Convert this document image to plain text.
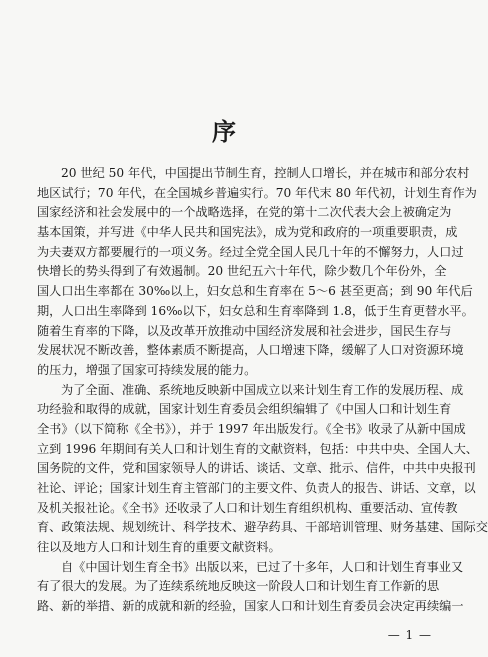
序
20 世纪 50 年代，中国提出节制生育，控制人口增长，并在城市和部分农村
地区试行；70 年代，在全国城乡普遍实行。70 年代末 80 年代初，计划生育作为
国家经济和社会发展中的一个战略选择，在党的第十二次代表大会上被确定为
基本国策，并写进《中华人民共和国宪法》，成为党和政府的一项重要职责，成
为夫妻双方都要履行的一项义务。经过全党全国人民几十年的不懈努力，人口过
快增长的势头得到了有效遏制。20 世纪五六十年代，除少数几个年份外，全
国人口出生率都在 30‰以上，妇女总和生育率在 5～6 甚至更高；到 90 年代后
期，人口出生率降到 16‰以下，妇女总和生育率降到 1.8，低于生育更替水平。
随着生育率的下降，以及改革开放推动中国经济发展和社会进步，国民生存与
发展状况不断改善，整体素质不断提高，人口增速下降，缓解了人口对资源环境
的压力，增强了国家可持续发展的能力。
为了全面、准确、系统地反映新中国成立以来计划生育工作的发展历程、成
功经验和取得的成就，国家计划生育委员会组织编辑了《中国人口和计划生育
全书》（以下简称《全书》），并于 1997 年出版发行。《全书》收录了从新中国成
立到 1996 年期间有关人口和计划生育的文献资料，包括：中共中央、全国人大、
国务院的文件，党和国家领导人的讲话、谈话、文章、批示、信件，中共中央报刊
社论、评论；国家计划生育主管部门的主要文件、负责人的报告、讲话、文章，以
及机关报社论。《全书》还收录了人口和计划生育组织机构、重要活动、宣传教
育、政策法规、规划统计、科学技术、避孕药具、干部培训管理、财务基建、国际交
往以及地方人口和计划生育的重要文献资料。
自《中国计划生育全书》出版以来，已过了十多年，人口和计划生育事业又
有了很大的发展。为了连续系统地反映这一阶段人口和计划生育工作新的思
路、新的举措、新的成就和新的经验，国家人口和计划生育委员会决定再续编一
— 1 —
